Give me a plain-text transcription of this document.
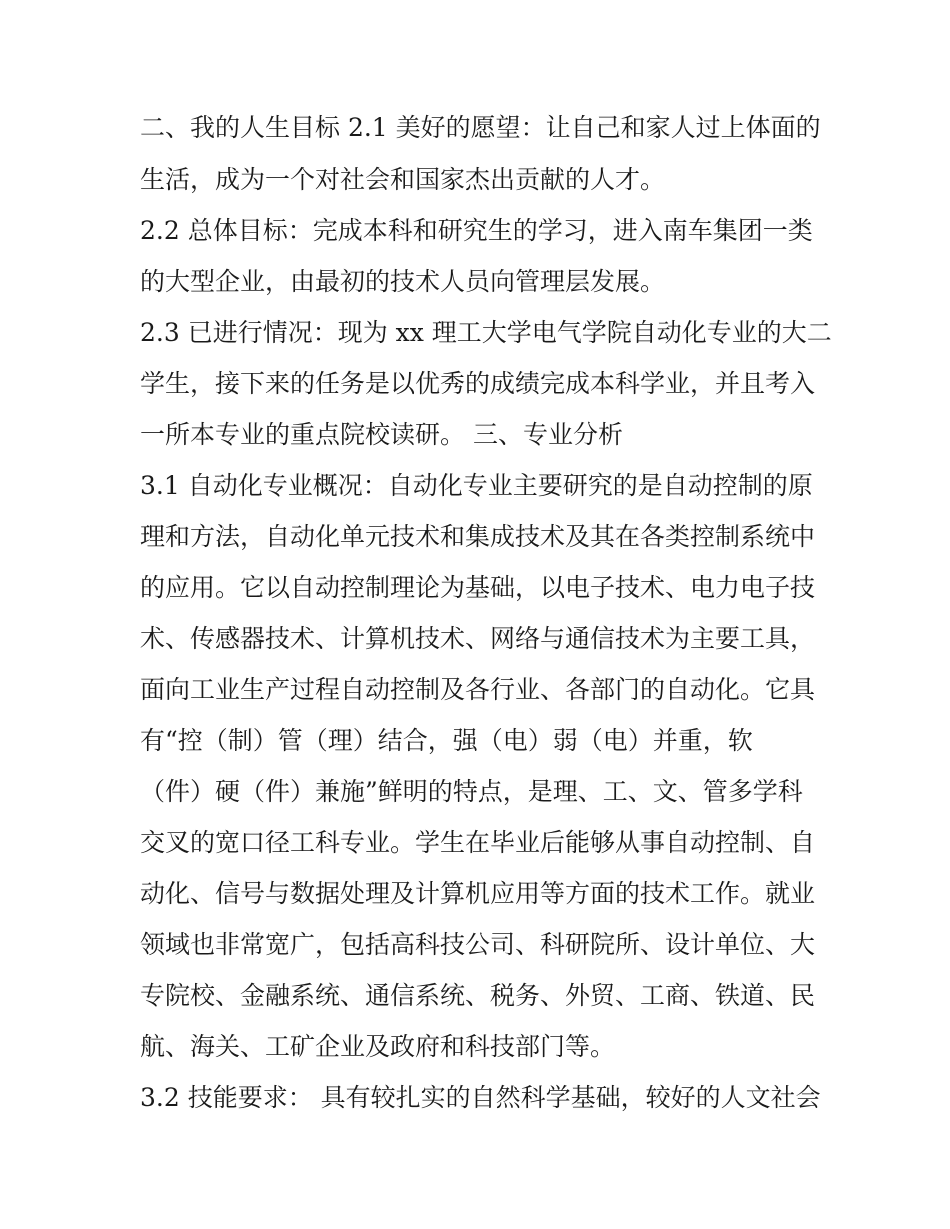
二、我的人生目标 2.1 美好的愿望：让自己和家人过上体面的
生活，成为一个对社会和国家杰出贡献的人才。
2.2 总体目标：完成本科和研究生的学习，进入南车集团一类
的大型企业，由最初的技术人员向管理层发展。
2.3 已进行情况：现为 xx 理工大学电气学院自动化专业的大二
学生，接下来的任务是以优秀的成绩完成本科学业，并且考入
一所本专业的重点院校读研。 三、专业分析
3.1 自动化专业概况：自动化专业主要研究的是自动控制的原
理和方法，自动化单元技术和集成技术及其在各类控制系统中
的应用。它以自动控制理论为基础，以电子技术、电力电子技
术、传感器技术、计算机技术、网络与通信技术为主要工具，
面向工业生产过程自动控制及各行业、各部门的自动化。它具
有“控（制）管（理）结合，强（电）弱（电）并重，软
（件）硬（件）兼施”鲜明的特点，是理、工、文、管多学科
交叉的宽口径工科专业。学生在毕业后能够从事自动控制、自
动化、信号与数据处理及计算机应用等方面的技术工作。就业
领域也非常宽广，包括高科技公司、科研院所、设计单位、大
专院校、金融系统、通信系统、税务、外贸、工商、铁道、民
航、海关、工矿企业及政府和科技部门等。
3.2 技能要求： 具有较扎实的自然科学基础，较好的人文社会
